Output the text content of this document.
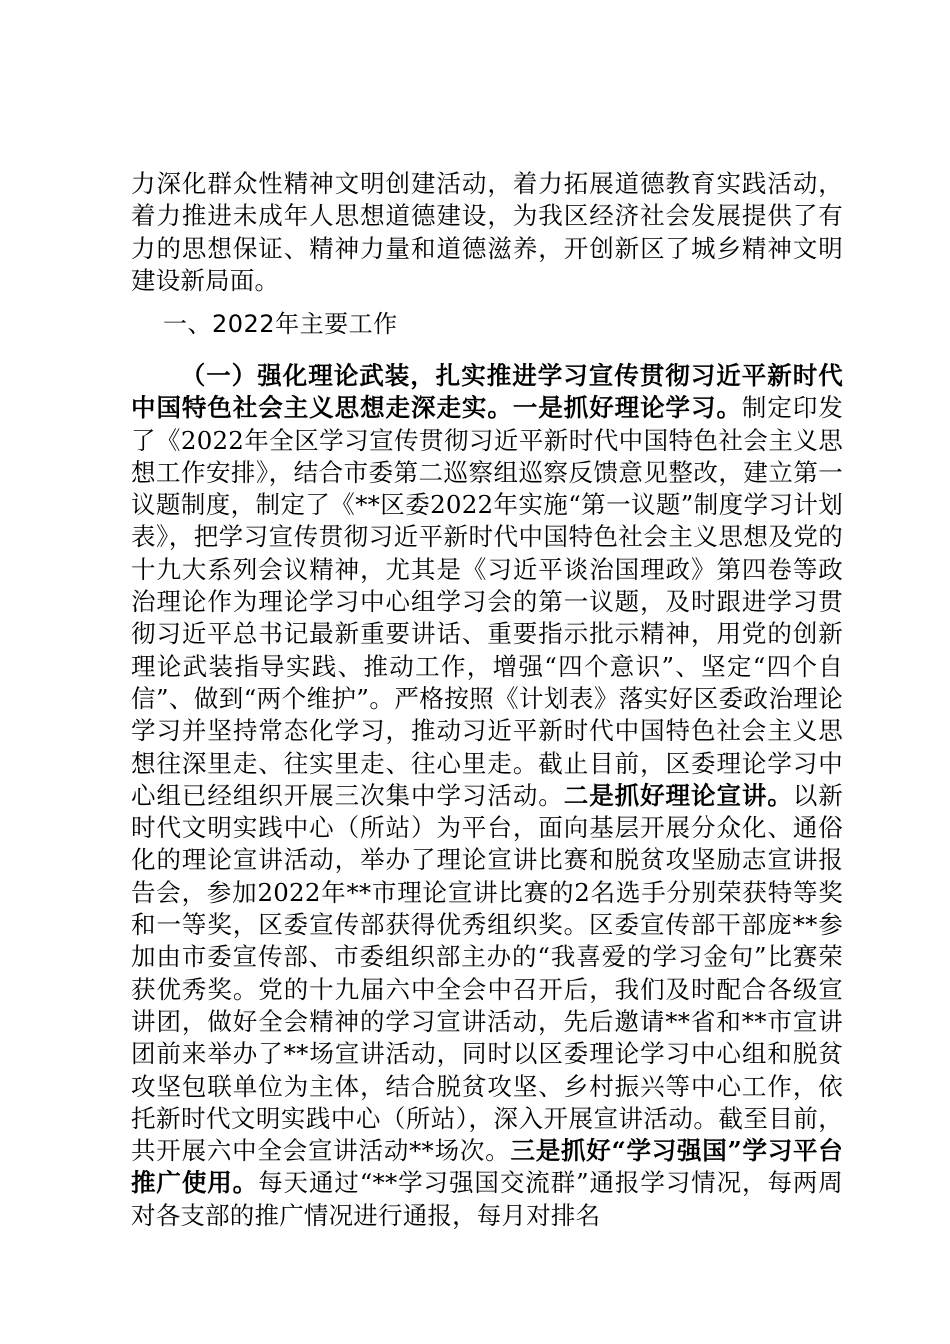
力深化群众性精神文明创建活动，着力拓展道德教育实践活动，着力推进未成年人思想道德建设，为我区经济社会发展提供了有力的思想保证、精神力量和道德滋养，开创新区了城乡精神文明建设新局面。

一、2022年主要工作

（一）强化理论武装，扎实推进学习宣传贯彻习近平新时代中国特色社会主义思想走深走实。一是抓好理论学习。制定印发了《2022年全区学习宣传贯彻习近平新时代中国特色社会主义思想工作安排》，结合市委第二巡察组巡察反馈意见整改，建立第一议题制度，制定了《**区委2022年实施“第一议题”制度学习计划表》，把学习宣传贯彻习近平新时代中国特色社会主义思想及党的十九大系列会议精神，尤其是《习近平谈治国理政》第四卷等政治理论作为理论学习中心组学习会的第一议题，及时跟进学习贯彻习近平总书记最新重要讲话、重要指示批示精神，用党的创新理论武装指导实践、推动工作，增强“四个意识”、坚定“四个自信”、做到“两个维护”。严格按照《计划表》落实好区委政治理论学习并坚持常态化学习，推动习近平新时代中国特色社会主义思想往深里走、往实里走、往心里走。截止目前，区委理论学习中心组已经组织开展三次集中学习活动。二是抓好理论宣讲。以新时代文明实践中心（所站）为平台，面向基层开展分众化、通俗化的理论宣讲活动，举办了理论宣讲比赛和脱贫攻坚励志宣讲报告会，参加2022年**市理论宣讲比赛的2名选手分别荣获特等奖和一等奖，区委宣传部获得优秀组织奖。区委宣传部干部庞**参加由市委宣传部、市委组织部主办的“我喜爱的学习金句”比赛荣获优秀奖。党的十九届六中全会中召开后，我们及时配合各级宣讲团，做好全会精神的学习宣讲活动，先后邀请**省和**市宣讲团前来举办了**场宣讲活动，同时以区委理论学习中心组和脱贫攻坚包联单位为主体，结合脱贫攻坚、乡村振兴等中心工作，依托新时代文明实践中心（所站），深入开展宣讲活动。截至目前，共开展六中全会宣讲活动**场次。三是抓好“学习强国”学习平台推广使用。每天通过“**学习强国交流群”通报学习情况，每两周对各支部的推广情况进行通报，每月对排名
